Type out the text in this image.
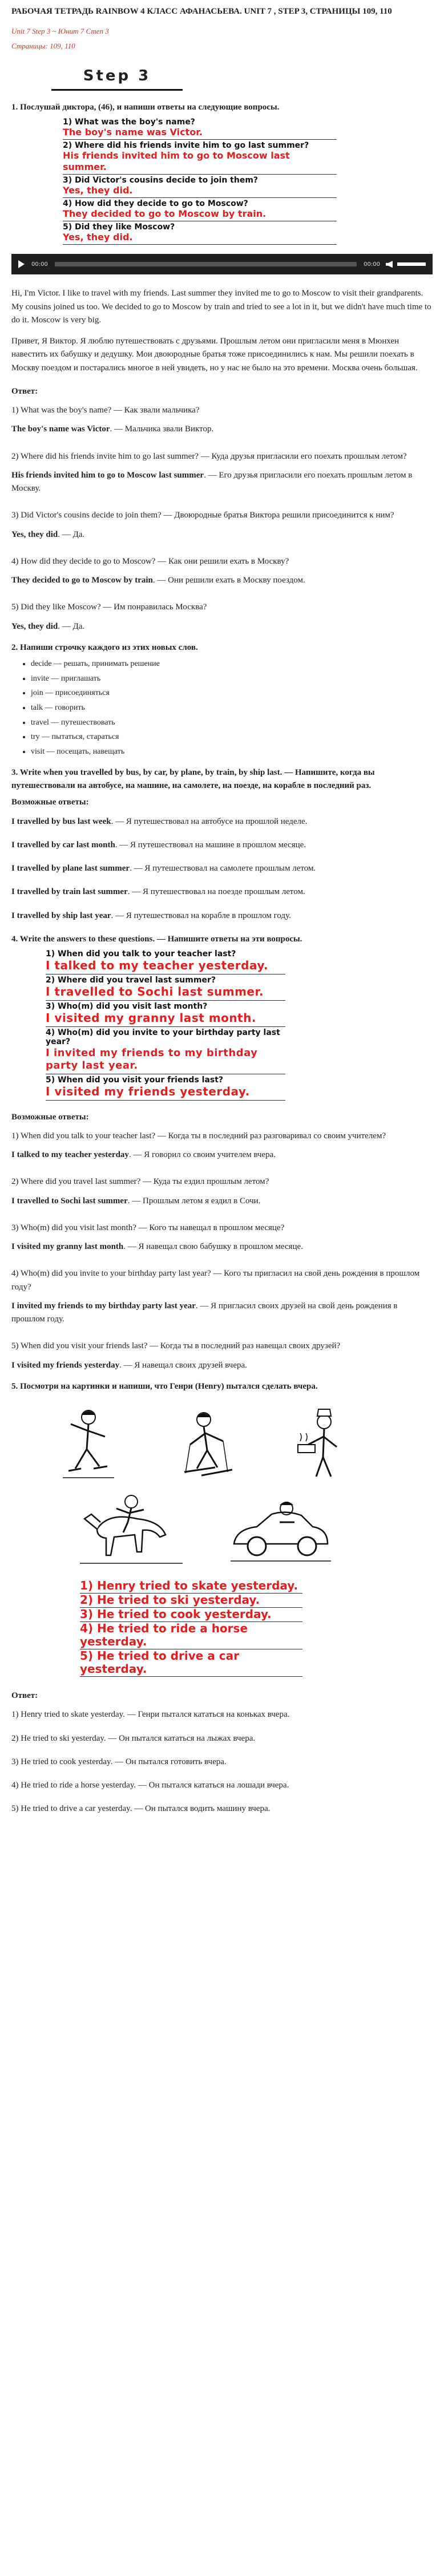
РАБОЧАЯ ТЕТРАДЬ RAINBOW 4 КЛАСС АФАНАСЬЕВА. UNIT 7 , STEP 3, СТРАНИЦЫ 109, 110
Unit 7 Step 3 ~ Юнит 7 Степ 3
Страницы: 109, 110
Step 3
1. Послушай диктора, (46), и напиши ответы на следующие вопросы.
1) What was the boy's name?
The boy's name was Victor.
2) Where did his friends invite him to go last summer?
His friends invited him to go to Moscow last summer.
3) Did Victor's cousins decide to join them?
Yes, they did.
4) How did they decide to go to Moscow?
They decided to go to Moscow by train.
5) Did they like Moscow?
Yes, they did.
00:00	00:00

Hi, I'm Victor. I like to travel with my friends. Last summer they invited me to go to Moscow to visit their grandparents. My cousins joined us too. We decided to go to Moscow by train and tried to see a lot in it, but we didn't have much time to do it. Moscow is very big.

Привет, Я Виктор. Я люблю путешествовать с друзьями. Прошлым летом они пригласили меня в Мюнхен навестить их бабушку и дедушку. Мои двоюродные братья тоже присоединились к нам. Мы решили поехать в Москву поездом и постарались многое в ней увидеть, но у нас не было на это времени. Москва очень большая.

Ответ:
1) What was the boy's name? — Как звали мальчика?
The boy's name was Victor. — Мальчика звали Виктор.
2) Where did his friends invite him to go last summer? — Куда друзья пригласили его поехать прошлым летом?
His friends invited him to go to Moscow last summer. — Его друзья пригласили его поехать прошлым летом в Москву.
3) Did Victor's cousins decide to join them? — Двоюродные братья Виктора решили присоединится к ним?
Yes, they did. — Да.
4) How did they decide to go to Moscow? — Как они решили ехать в Москву?
They decided to go to Moscow by train. — Они решили ехать в Москву поездом.
5) Did they like Moscow? — Им понравилась Москва?
Yes, they did. — Да.
2. Напиши строчку каждого из этих новых слов.
• decide — решать, принимать решение
• invite — приглашать
• join — присоединяться
• talk — говорить
• travel — путешествовать
• try — пытаться, стараться
• visit — посещать, навещать
3. Write when you travelled by bus, by car, by plane, by train, by ship last. — Напишите, когда вы путешествовали на автобусе, на машине, на самолете, на поезде, на корабле в последний раз.
Возможные ответы:
I travelled by bus last week. — Я путешествовал на автобусе на прошлой неделе.
I travelled by car last month. — Я путешествовал на машине в прошлом месяце.
I travelled by plane last summer. — Я путешествовал на самолете прошлым летом.
I travelled by train last summer. — Я путешествовал на поезде прошлым летом.
I travelled by ship last year. — Я путешествовал на корабле в прошлом году.
4. Write the answers to these questions. — Напишите ответы на эти вопросы.
1) When did you talk to your teacher last?
I talked to my teacher yesterday.
2) Where did you travel last summer?
I travelled to Sochi last summer.
3) Who(m) did you visit last month?
I visited my granny last month.
4) Who(m) did you invite to your birthday party last year?
I invited my friends to my birthday party last year.
5) When did you visit your friends last?
I visited my friends yesterday.
Возможные ответы:
1) When did you talk to your teacher last? — Когда ты в последний раз разговаривал со своим учителем?
I talked to my teacher yesterday. — Я говорил со своим учителем вчера.
2) Where did you travel last summer? — Куда ты ездил прошлым летом?
I travelled to Sochi last summer. — Прошлым летом я ездил в Сочи.
3) Who(m) did you visit last month? — Кого ты навещал в прошлом месяце?
I visited my granny last month. — Я навещал свою бабушку в прошлом месяце.
4) Who(m) did you invite to your birthday party last year? — Кого ты пригласил на свой день рождения в прошлом году?
I invited my friends to my birthday party last year. — Я пригласил своих друзей на свой день рождения в прошлом году.
5) When did you visit your friends last? — Когда ты в последний раз навещал своих друзей?
I visited my friends yesterday. — Я навещал своих друзей вчера.
5. Посмотри на картинки и напиши, что Генри (Henry) пытался сделать вчера.
1) Henry tried to skate yesterday.
2) He tried to ski yesterday.
3) He tried to cook yesterday.
4) He tried to ride a horse yesterday.
5) He tried to drive a car yesterday.
Ответ:
1) Henry tried to skate yesterday. — Генри пытался кататься на коньках вчера.
2) He tried to ski yesterday. — Он пытался кататься на лыжах вчера.
3) He tried to cook yesterday. — Он пытался готовить вчера.
4) He tried to ride a horse yesterday. — Он пытался кататься на лошади вчера.
5) He tried to drive a car yesterday. — Он пытался водить машину вчера.
